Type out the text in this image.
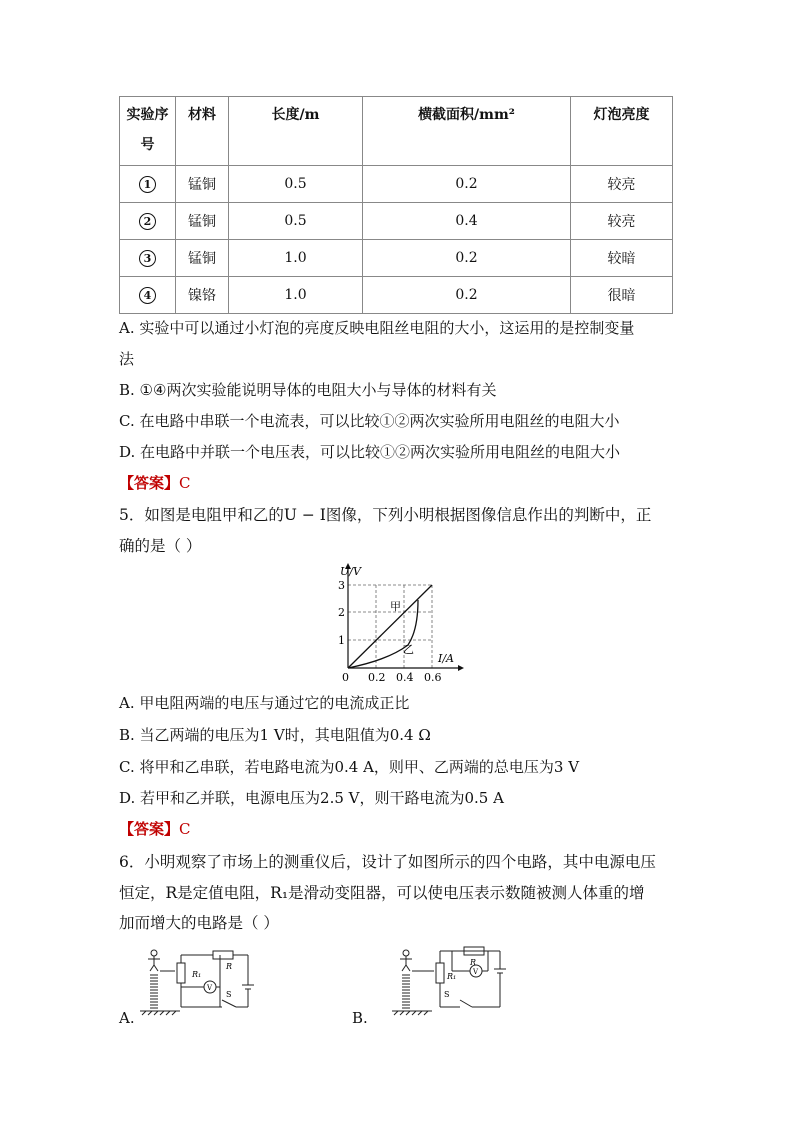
实验序
号	材料	长度/m	横截面积/mm²	灯泡亮度

1	锰铜	0.5	0.2	较亮
2	锰铜	0.5	0.4	较亮
3	锰铜	1.0	0.2	较暗
4	镍铬	1.0	0.2	很暗
A. 实验中可以通过小灯泡的亮度反映电阻丝电阻的大小，这运用的是控制变量
法
B. ①④两次实验能说明导体的电阻大小与导体的材料有关
C. 在电路中串联一个电流表，可以比较①②两次实验所用电阻丝的电阻大小
D. 在电路中并联一个电压表，可以比较①②两次实验所用电阻丝的电阻大小
【答案】C
5．如图是电阻甲和乙的U − I图像，下列小明根据图像信息作出的判断中，正
确的是（ ）
U/V
I/A
1
2
3
0 0.2 0.4 0.6
甲
乙
A. 甲电阻两端的电压与通过它的电流成正比
B. 当乙两端的电压为1 V时，其电阻值为0.4 Ω
C. 将甲和乙串联，若电路电流为0.4 A，则甲、乙两端的总电压为3 V
D. 若甲和乙并联，电源电压为2.5 V，则干路电流为0.5 A
【答案】C
6．小明观察了市场上的测重仪后，设计了如图所示的四个电路，其中电源电压
恒定，R是定值电阻，R₁是滑动变阻器，可以使电压表示数随被测人体重的增
加而增大的电路是（ ）
A.
R₁
R
V
S
B.
R₁
R
V
S
